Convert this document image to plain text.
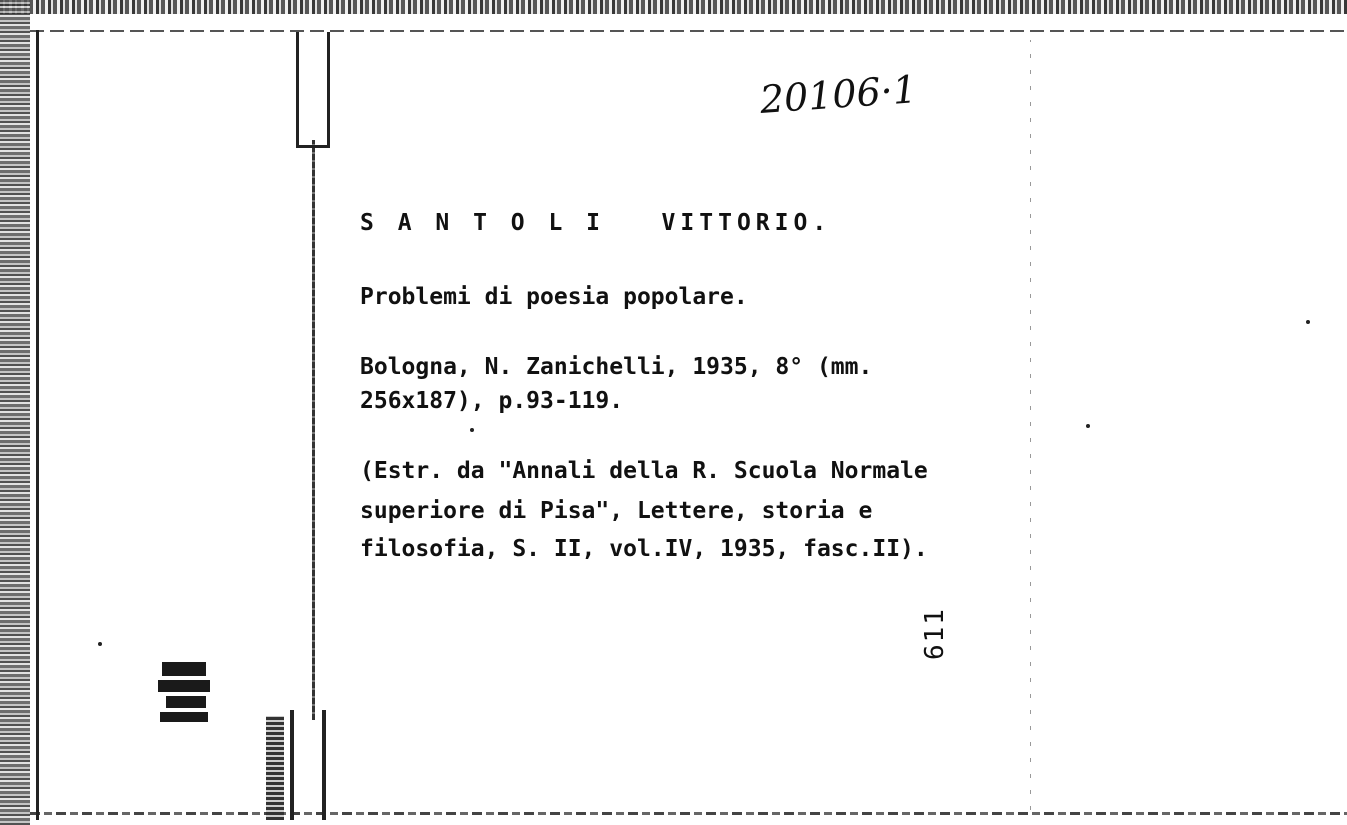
20106·1
S A N T O L I   VITTORIO.
Problemi di poesia popolare.
Bologna, N. Zanichelli, 1935, 8° (mm.
256x187), p.93-119.
(Estr. da "Annali della R. Scuola Normale
superiore di Pisa", Lettere, storia e
filosofia, S. II, vol.IV, 1935, fasc.II).
611
